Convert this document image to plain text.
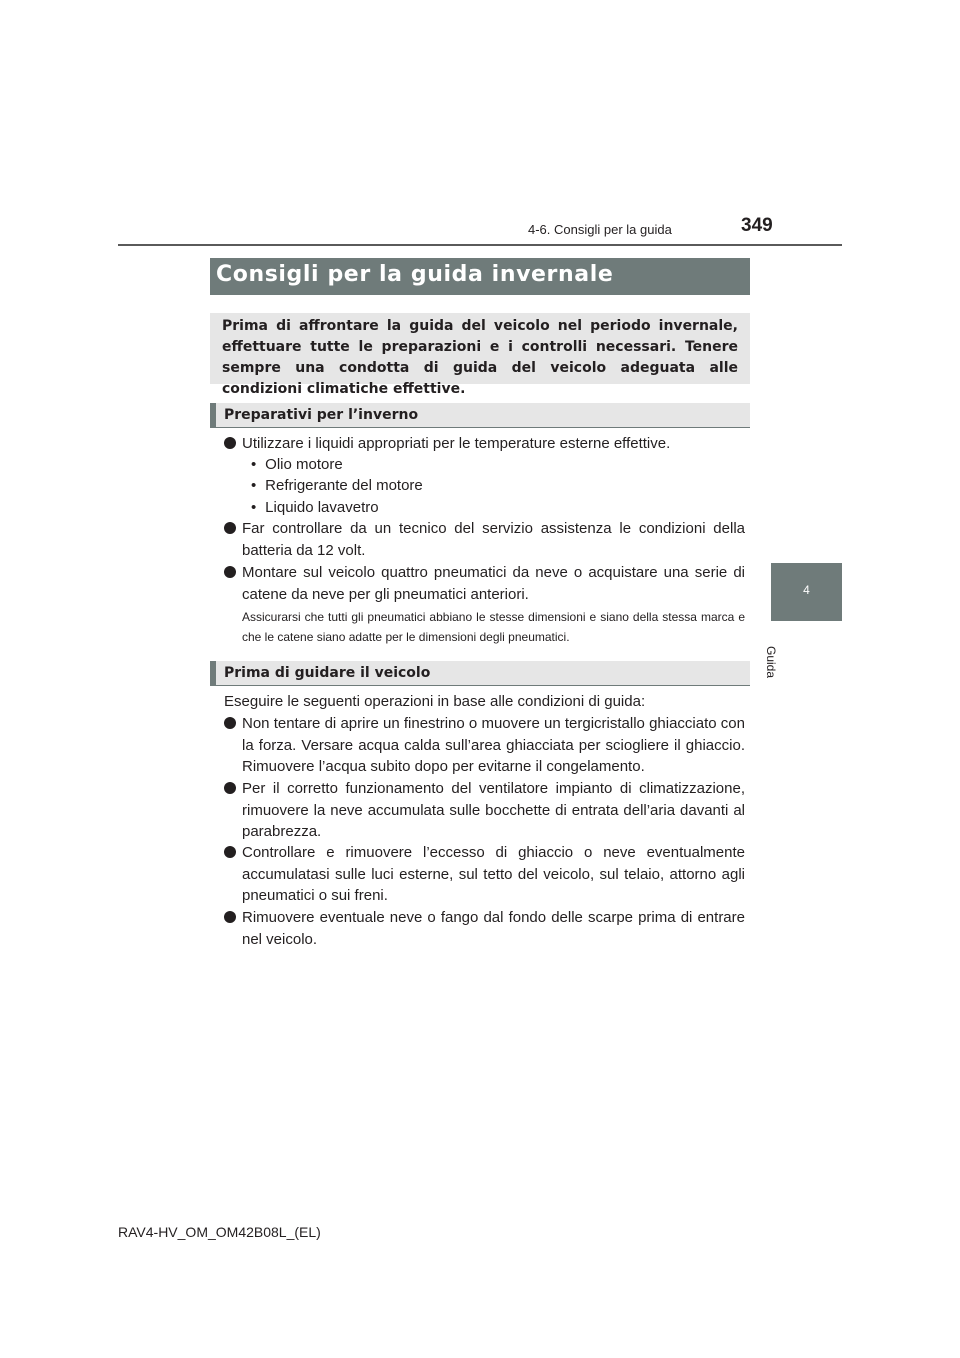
4-6. Consigli per la guida	349
4
Guida
Consigli per la guida invernale
Prima di affrontare la guida del veicolo nel periodo invernale, effettuare tutte le preparazioni e i controlli necessari. Tenere sempre una condotta di guida del veicolo adeguata alle condizioni climatiche effettive.
Preparativi per l’inverno
Utilizzare i liquidi appropriati per le temperature esterne effettive.
• Olio motore
• Refrigerante del motore
• Liquido lavavetro
Far controllare da un tecnico del servizio assistenza le condizioni della batteria da 12 volt.
Montare sul veicolo quattro pneumatici da neve o acquistare una serie di catene da neve per gli pneumatici anteriori.
Assicurarsi che tutti gli pneumatici abbiano le stesse dimensioni e siano della stessa marca e che le catene siano adatte per le dimensioni degli pneumatici.
Prima di guidare il veicolo
Eseguire le seguenti operazioni in base alle condizioni di guida:
Non tentare di aprire un finestrino o muovere un tergicristallo ghiacciato con la forza. Versare acqua calda sull’area ghiacciata per sciogliere il ghiaccio. Rimuovere l’acqua subito dopo per evitarne il congelamento.
Per il corretto funzionamento del ventilatore impianto di climatizzazione, rimuovere la neve accumulata sulle bocchette di entrata dell’aria davanti al parabrezza.
Controllare e rimuovere l’eccesso di ghiaccio o neve eventualmente accumulatasi sulle luci esterne, sul tetto del veicolo, sul telaio, attorno agli pneumatici o sui freni.
Rimuovere eventuale neve o fango dal fondo delle scarpe prima di entrare nel veicolo.
RAV4-HV_OM_OM42B08L_(EL)
